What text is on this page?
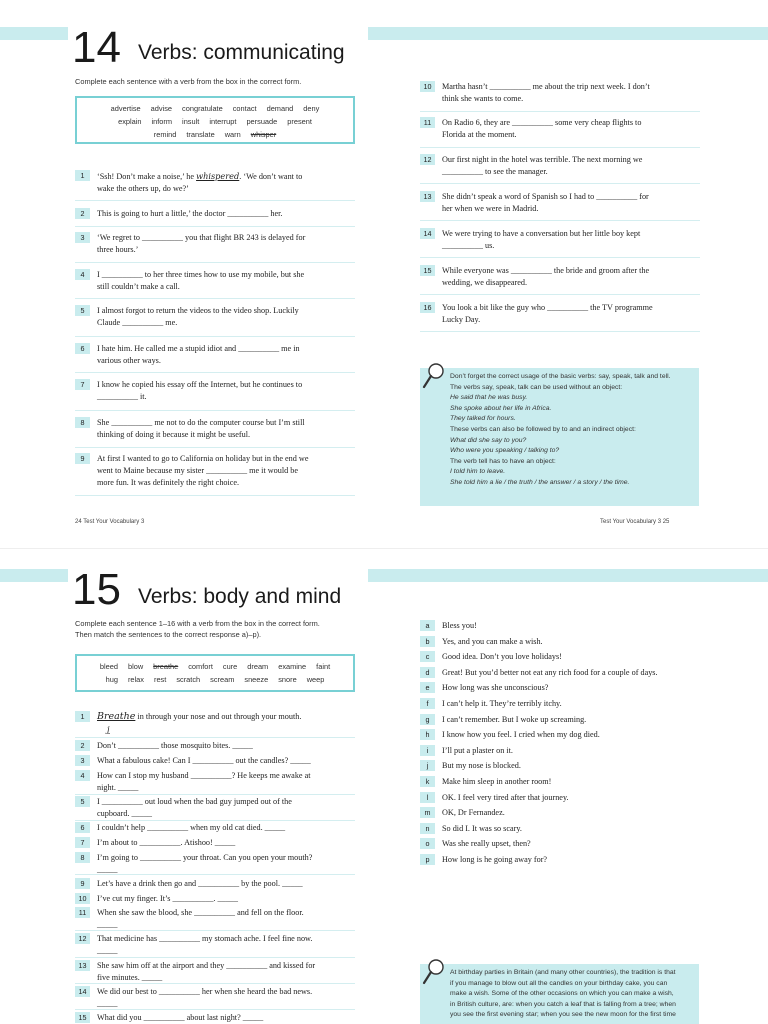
14 Verbs: communicating
Complete each sentence with a verb from the box in the correct form.
advertise advise congratulate contact demand deny
explain inform insult interrupt persuade present
remind translate warn whisper
1	‘Ssh! Don’t make a noise,’ he whispered. ‘We don’t want to
wake the others up, do we?’
2	This is going to hurt a little,’ the doctor __________ her.
3	‘We regret to __________ you that flight BR 243 is delayed for
three hours.’
4	I __________ to her three times how to use my mobile, but she
still couldn’t make a call.
5	I almost forgot to return the videos to the video shop. Luckily
Claude __________ me.
6	I hate him. He called me a stupid idiot and __________ me in
various other ways.
7	I know he copied his essay off the Internet, but he continues to
__________ it.
8	She __________ me not to do the computer course but I’m still
thinking of doing it because it might be useful.
9	At first I wanted to go to California on holiday but in the end we
went to Maine because my sister __________ me it would be
more fun. It was definitely the right choice.
10	Martha hasn’t __________ me about the trip next week. I don’t
think she wants to come.
11	On Radio 6, they are __________ some very cheap flights to
Florida at the moment.
12	Our first night in the hotel was terrible. The next morning we
__________ to see the manager.
13	She didn’t speak a word of Spanish so I had to __________ for
her when we were in Madrid.
14	We were trying to have a conversation but her little boy kept
__________ us.
15	While everyone was __________ the bride and groom after the
wedding, we disappeared.
16	You look a bit like the guy who __________ the TV programme
Lucky Day.
Don’t forget the correct usage of the basic verbs: say, speak, talk and tell.
The verbs say, speak, talk can be used without an object:
He said that he was busy.
She spoke about her life in Africa.
They talked for hours.
These verbs can also be followed by to and an indirect object:
What did she say to you?
Who were you speaking / talking to?
The verb tell has to have an object:
I told him to leave.
She told him a lie / the truth / the answer / a story / the time.
24 Test Your Vocabulary 3	Test Your Vocabulary 3 25
15 Verbs: body and mind
Complete each sentence 1–16 with a verb from the box in the correct form.
Then match the sentences to the correct response a)–p).
bleed blow breathe comfort cure dream examine faint
hug relax rest scratch scream sneeze snore weep
1	Breathe in through your nose and out through your mouth.
j
2	Don’t __________ those mosquito bites. _____
3	What a fabulous cake! Can I __________ out the candles? _____
4	How can I stop my husband __________? He keeps me awake at
night. _____
5	I __________ out loud when the bad guy jumped out of the
cupboard. _____
6	I couldn’t help __________ when my old cat died. _____
7	I’m about to __________. Atishoo! _____
8	I’m going to __________ your throat. Can you open your mouth?
_____
9	Let’s have a drink then go and __________ by the pool. _____
10	I’ve cut my finger. It’s __________. _____
11	When she saw the blood, she __________ and fell on the floor.
_____
12	That medicine has __________ my stomach ache. I feel fine now.
_____
13	She saw him off at the airport and they __________ and kissed for
five minutes. _____
14	We did our best to __________ her when she heard the bad news.
_____
15	What did you __________ about last night? _____
a	Bless you!
b	Yes, and you can make a wish.
c	Good idea. Don’t you love holidays!
d	Great! But you’d better not eat any rich food for a couple of days.
e	How long was she unconscious?
f	I can’t help it. They’re terribly itchy.
g	I can’t remember. But I woke up screaming.
h	I know how you feel. I cried when my dog died.
i	I’ll put a plaster on it.
j	But my nose is blocked.
k	Make him sleep in another room!
l	OK. I feel very tired after that journey.
m	OK, Dr Fernandez.
n	So did I. It was so scary.
o	Was she really upset, then?
p	How long is he going away for?
At birthday parties in Britain (and many other countries), the tradition is that
if you manage to blow out all the candles on your birthday cake, you can
make a wish. Some of the other occasions on which you can make a wish,
in British culture, are: when you catch a leaf that is falling from a tree; when
you see the first evening star; when you see the new moon for the first time
